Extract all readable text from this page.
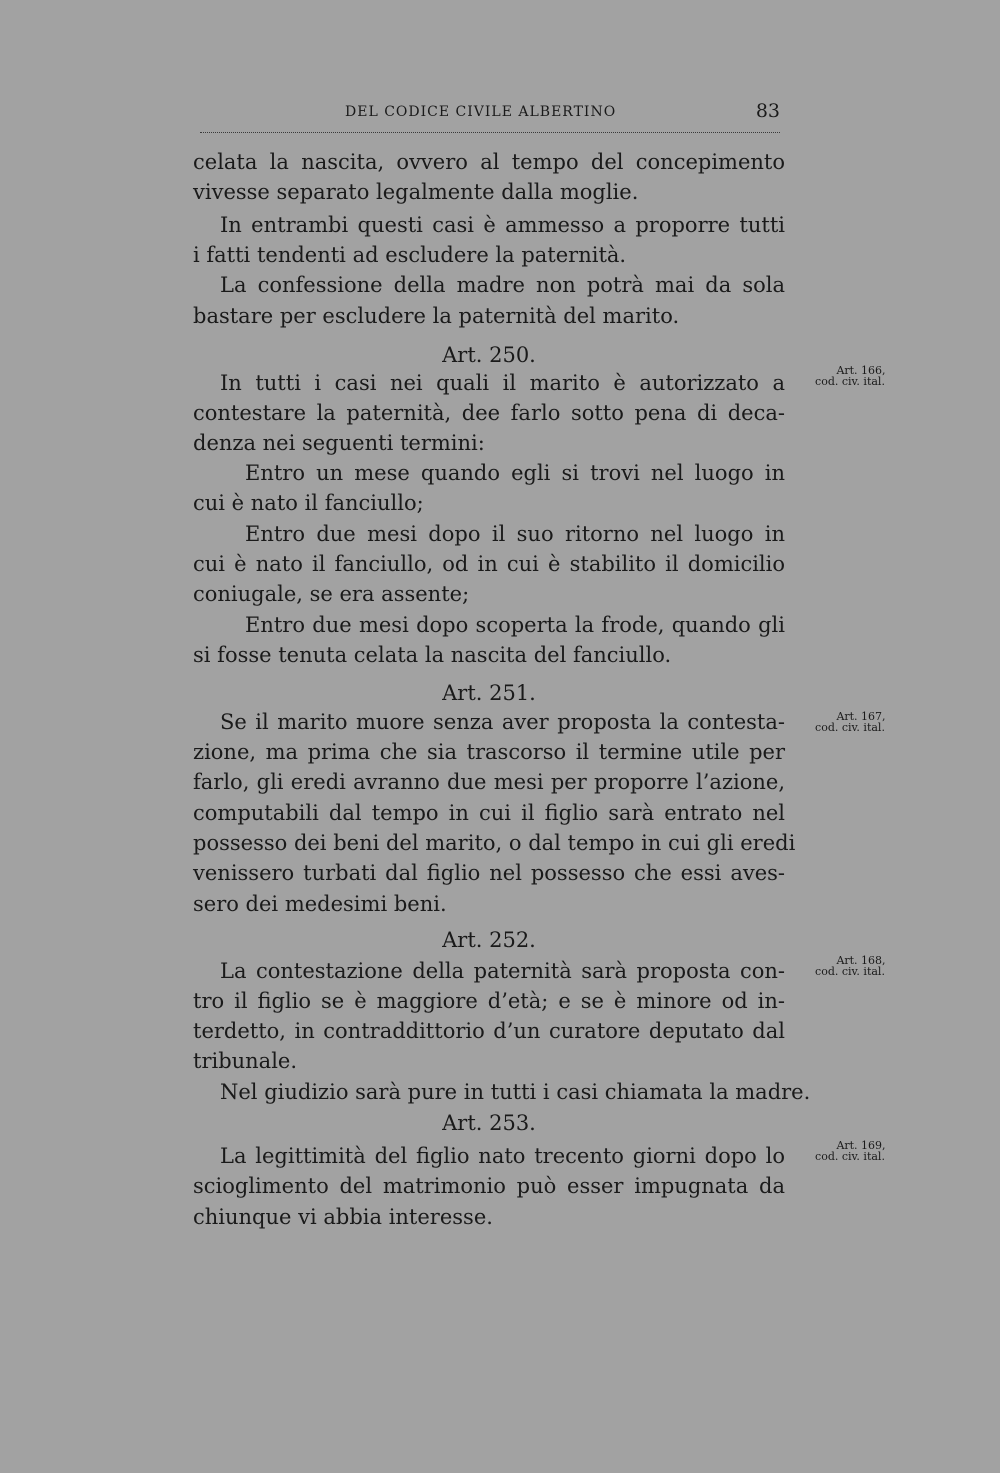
DEL CODICE CIVILE ALBERTINO	83
celata la nascita, ovvero al tempo del concepimento
vivesse separato legalmente dalla moglie.
In entrambi questi casi è ammesso a proporre tutti
i fatti tendenti ad escludere la paternità.
La confessione della madre non potrà mai da sola
bastare per escludere la paternità del marito.
Art. 250.
In tutti i casi nei quali il marito è autorizzato a
contestare la paternità, dee farlo sotto pena di deca-
denza nei seguenti termini:
Entro un mese quando egli si trovi nel luogo in
cui è nato il fanciullo;
Entro due mesi dopo il suo ritorno nel luogo in
cui è nato il fanciullo, od in cui è stabilito il domicilio
coniugale, se era assente;
Entro due mesi dopo scoperta la frode, quando gli
si fosse tenuta celata la nascita del fanciullo.
Art. 251.
Se il marito muore senza aver proposta la contesta-
zione, ma prima che sia trascorso il termine utile per
farlo, gli eredi avranno due mesi per proporre l’azione,
computabili dal tempo in cui il figlio sarà entrato nel
possesso dei beni del marito, o dal tempo in cui gli eredi
venissero turbati dal figlio nel possesso che essi aves-
sero dei medesimi beni.
Art. 252.
La contestazione della paternità sarà proposta con-
tro il figlio se è maggiore d’età; e se è minore od in-
terdetto, in contraddittorio d’un curatore deputato dal
tribunale.
Nel giudizio sarà pure in tutti i casi chiamata la madre.
Art. 253.
La legittimità del figlio nato trecento giorni dopo lo
scioglimento del matrimonio può esser impugnata da
chiunque vi abbia interesse.
Art. 166,
cod. civ. ital.
Art. 167,
cod. civ. ital.
Art. 168,
cod. civ. ital.
Art. 169,
cod. civ. ital.
